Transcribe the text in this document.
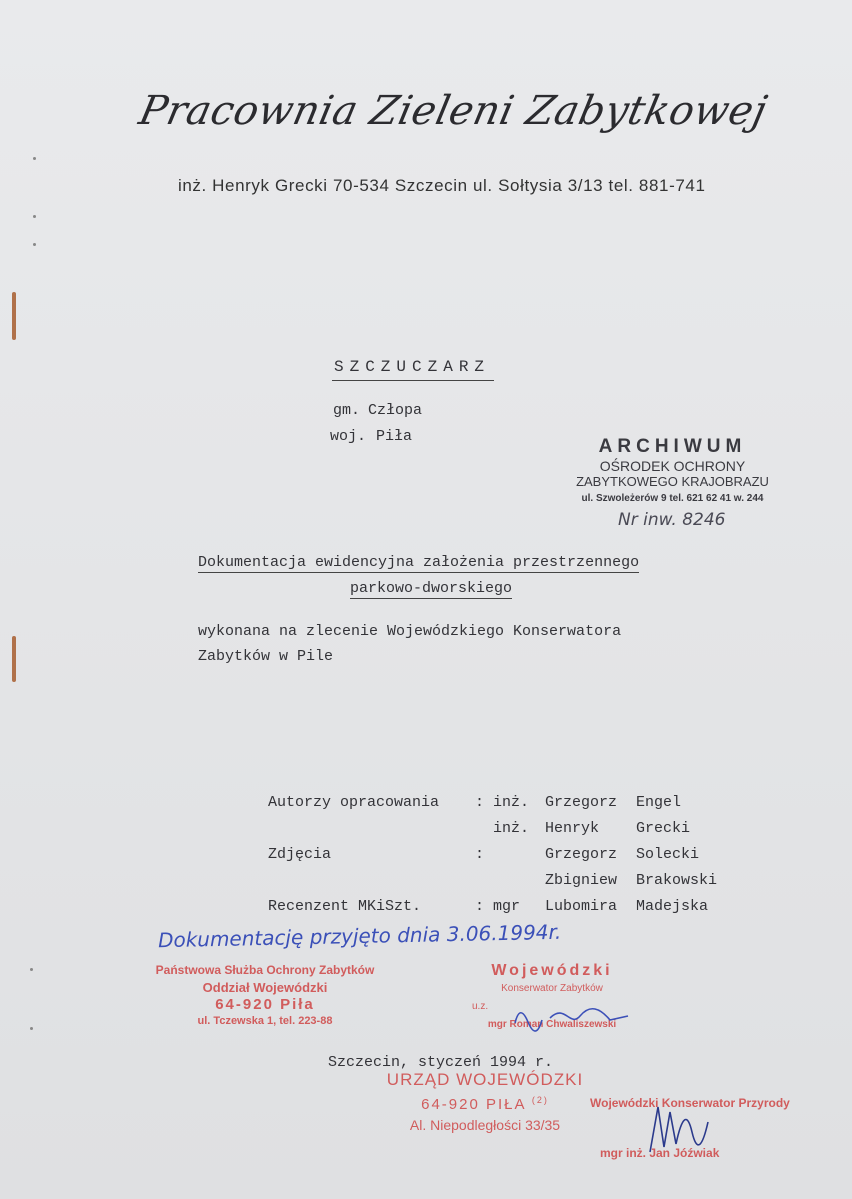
Pracownia Zieleni Zabytkowej
inż. Henryk Grecki 70-534 Szczecin ul. Sołtysia 3/13 tel. 881-741
SZCZUCZARZ
gm. Człopa
woj. Piła	ARCHIWUM
OŚRODEK OCHRONY
ZABYTKOWEGO KRAJOBRAZU
ul. Szwoleżerów 9 tel. 621 62 41 w. 244
Nr inw. 8246
Dokumentacja ewidencyjna założenia przestrzennego
parkowo-dworskiego
wykonana na zlecenie Wojewódzkiego Konserwatora
Zabytków w Pile
Autorzy opracowania : inż. Grzegorz Engel
inż. Henryk Grecki
Zdjęcia	:	Grzegorz Solecki
Zbigniew Brakowski
Recenzent MKiSzt.	: mgr Lubomira Madejska
Dokumentację przyjęto dnia 3.06.1994r.
Państwowa Służba Ochrony Zabytków
Oddział Wojewódzki
64-920 Piła
ul. Tczewska 1, tel. 223-88
Wojewódzki
Konserwator Zabytków
u.z.
mgr Roman Chwaliszewski
Szczecin, styczeń 1994 r.
URZĄD WOJEWÓDZKI
64-920 PIŁA $^{(2)}$
Al. Niepodległości 33/35
Wojewódzki Konserwator Przyrody
mgr inż. Jan Jóźwiak
